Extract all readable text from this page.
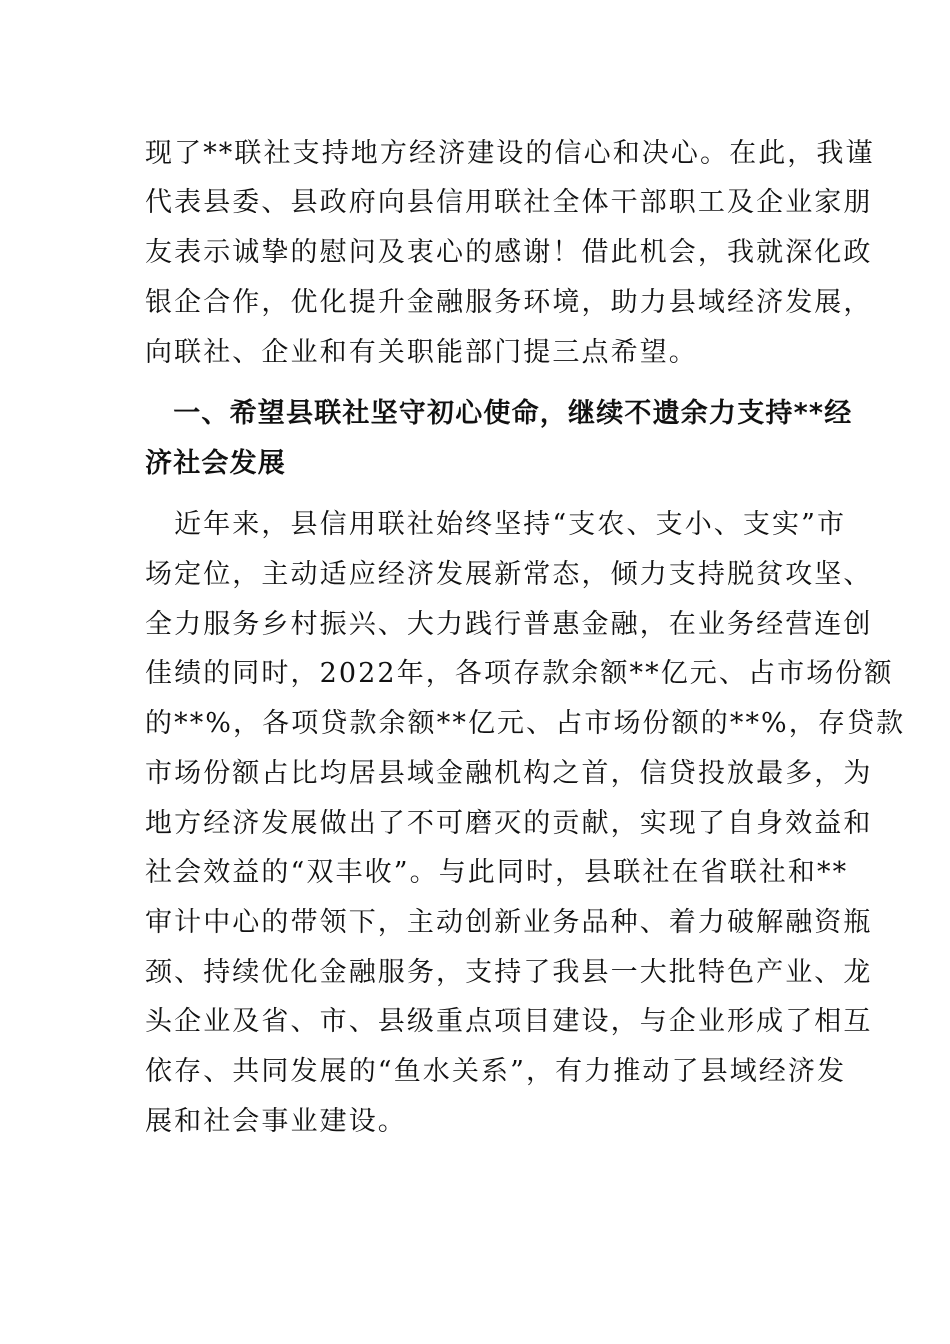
现了**联社支持地方经济建设的信心和决心。在此，我谨
代表县委、县政府向县信用联社全体干部职工及企业家朋
友表示诚挚的慰问及衷心的感谢！借此机会，我就深化政
银企合作，优化提升金融服务环境，助力县域经济发展，
向联社、企业和有关职能部门提三点希望。
　一、希望县联社坚守初心使命，继续不遗余力支持**经
济社会发展
　近年来，县信用联社始终坚持“支农、支小、支实”市
场定位，主动适应经济发展新常态，倾力支持脱贫攻坚、
全力服务乡村振兴、大力践行普惠金融，在业务经营连创
佳绩的同时，2022年，各项存款余额**亿元、占市场份额
的**%，各项贷款余额**亿元、占市场份额的**%，存贷款
市场份额占比均居县域金融机构之首，信贷投放最多，为
地方经济发展做出了不可磨灭的贡献，实现了自身效益和
社会效益的“双丰收”。与此同时，县联社在省联社和**
审计中心的带领下，主动创新业务品种、着力破解融资瓶
颈、持续优化金融服务，支持了我县一大批特色产业、龙
头企业及省、市、县级重点项目建设，与企业形成了相互
依存、共同发展的“鱼水关系”，有力推动了县域经济发
展和社会事业建设。
